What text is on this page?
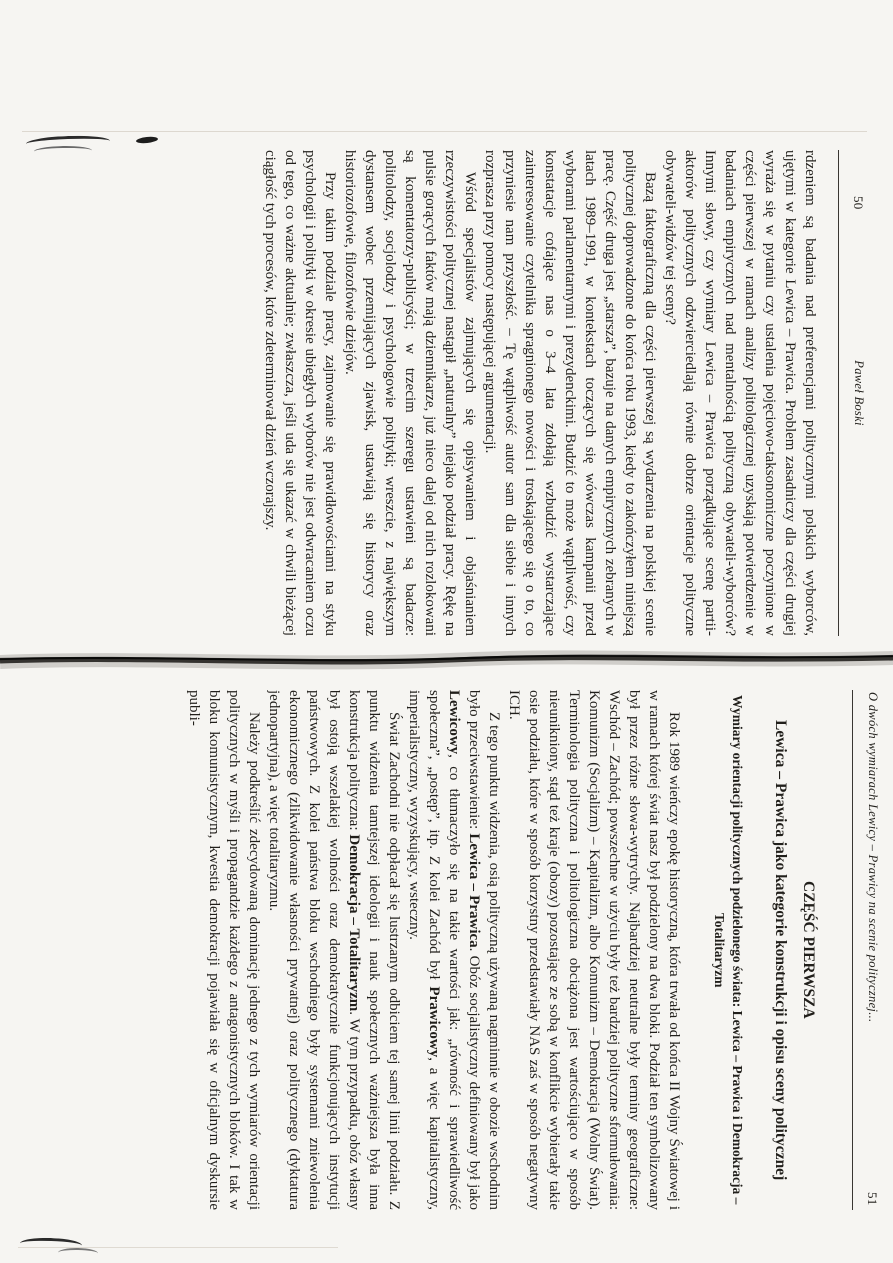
50
Paweł Boski

rdzeniem są badania nad preferencjami politycznymi polskich wyborców, ujętymi w kategorie Lewica – Prawica. Problem zasadniczy dla części drugiej wyraża się w pytaniu czy ustalenia pojęciowo-taksonomiczne poczynione w części pierwszej w ramach analizy politologicznej uzyskają potwierdzenie w badaniach empirycznych nad mentalnością polityczną obywateli-wyborców? Innymi słowy, czy wymiary Lewica – Prawica porządkujące scenę partii-aktorów politycznych odzwierciedlają równie dobrze orientacje polityczne obywateli-widzów tej sceny?

Bazą faktograficzną dla części pierwszej są wydarzenia na polskiej scenie politycznej doprowadzone do końca roku 1993, kiedy to zakończyłem niniejszą pracę. Część druga jest „starsza”, bazuje na danych empirycznych zebranych w latach 1989–1991, w kontekstach toczących się wówczas kampanii przed wyborami parlamentarnymi i prezydenckimi. Budzić to może wątpliwość, czy konstatacje cofające nas o 3–4 lata zdołają wzbudzić wystarczające zainteresowanie czytelnika spragnionego nowości i troskającego się o to, co przyniesie nam przyszłość. – Tę wątpliwość autor sam dla siebie i innych rozprasza przy pomocy następującej argumentacji.

Wśród specjalistów zajmujących się opisywaniem i objaśnianiem rzeczywistości politycznej nastąpił „naturalny” niejako podział pracy. Rękę na pulsie gorących faktów mają dziennikarze, już nieco dalej od nich rozlokowani są komentatorzy-publicyści; w trzecim szeregu ustawieni są badacze: politolodzy, socjolodzy i psychologowie polityki; wreszcie, z największym dystansem wobec przemijających zjawisk, ustawiają się historycy oraz historiozofowie, filozofowie dziejów.

Przy takim podziale pracy, zajmowanie się prawidłowościami na styku psychologii i polityki w okresie ubiegłych wyborów nie jest odwracaniem oczu od tego, co ważne aktualnie; zwłaszcza, jeśli uda się ukazać w chwili bieżącej ciągłość tych procesów, które zdeterminował dzień wczorajszy.

O dwóch wymiarach Lewicy – Prawicy na scenie politycznej...
51
CZĘŚĆ PIERWSZA
Lewica – Prawica jako kategorie konstrukcji i opisu sceny politycznej
Wymiary orientacji politycznych podzielonego świata: Lewica – Prawica i Demokracja – Totalitaryzm

Rok 1989 wieńczy epokę historyczną, która trwała od końca II Wojny Światowej i w ramach której świat nasz był podzielony na dwa bloki. Podział ten symbolizowany był przez różne słowa-wytrychy. Najbardziej neutralne były terminy geograficzne: Wschód – Zachód; powszechne w użyciu były też bardziej polityczne sformułowania: Komunizm (Socjalizm) – Kapitalizm, albo Komunizm – Demokracja (Wolny Świat). Terminologia polityczna i politologiczna obciążona jest wartościująco w sposób nieunikniony, stąd też kraje (obozy) pozostające ze sobą w konflikcie wybierały takie osie podziału, które w sposób korzystny przedstawiały NAS zaś w sposób negatywny ICH.

Z tego punktu widzenia, osią polityczną używaną nagminnie w obozie wschodnim było przeciwstawienie: Lewica – Prawica. Obóz socjalistyczny definiowany był jako Lewicowy, co tłumaczyło się na takie wartości jak: „równość i sprawiedliwość społeczna”, „postęp”, itp. Z kolei Zachód był Prawicowy, a więc kapitalistyczny, imperialistyczny, wyzyskujący, wsteczny.

Świat Zachodni nie odpłacał się lustrzanym odbiciem tej samej linii podziału. Z punktu widzenia tamtejszej ideologii i nauk społecznych ważniejsza była inna konstrukcja polityczna: Demokracja – Totalitaryzm. W tym przypadku, obóz własny był ostoją wszelakiej wolności oraz demokratycznie funkcjonujących instytucji państwowych. Z kolei państwa bloku wschodniego były systemami zniewolenia ekonomicznego (zlikwidowanie własności prywatnej) oraz politycznego (dyktatura jednopartyjna), a więc totalitaryzmu.

Należy podkreślić zdecydowaną dominację jednego z tych wymiarów orientacji politycznych w myśli i propagandzie każdego z antagonistycznych bloków. I tak w bloku komunistycznym, kwestia demokracji pojawiała się w oficjalnym dyskursie publi-
